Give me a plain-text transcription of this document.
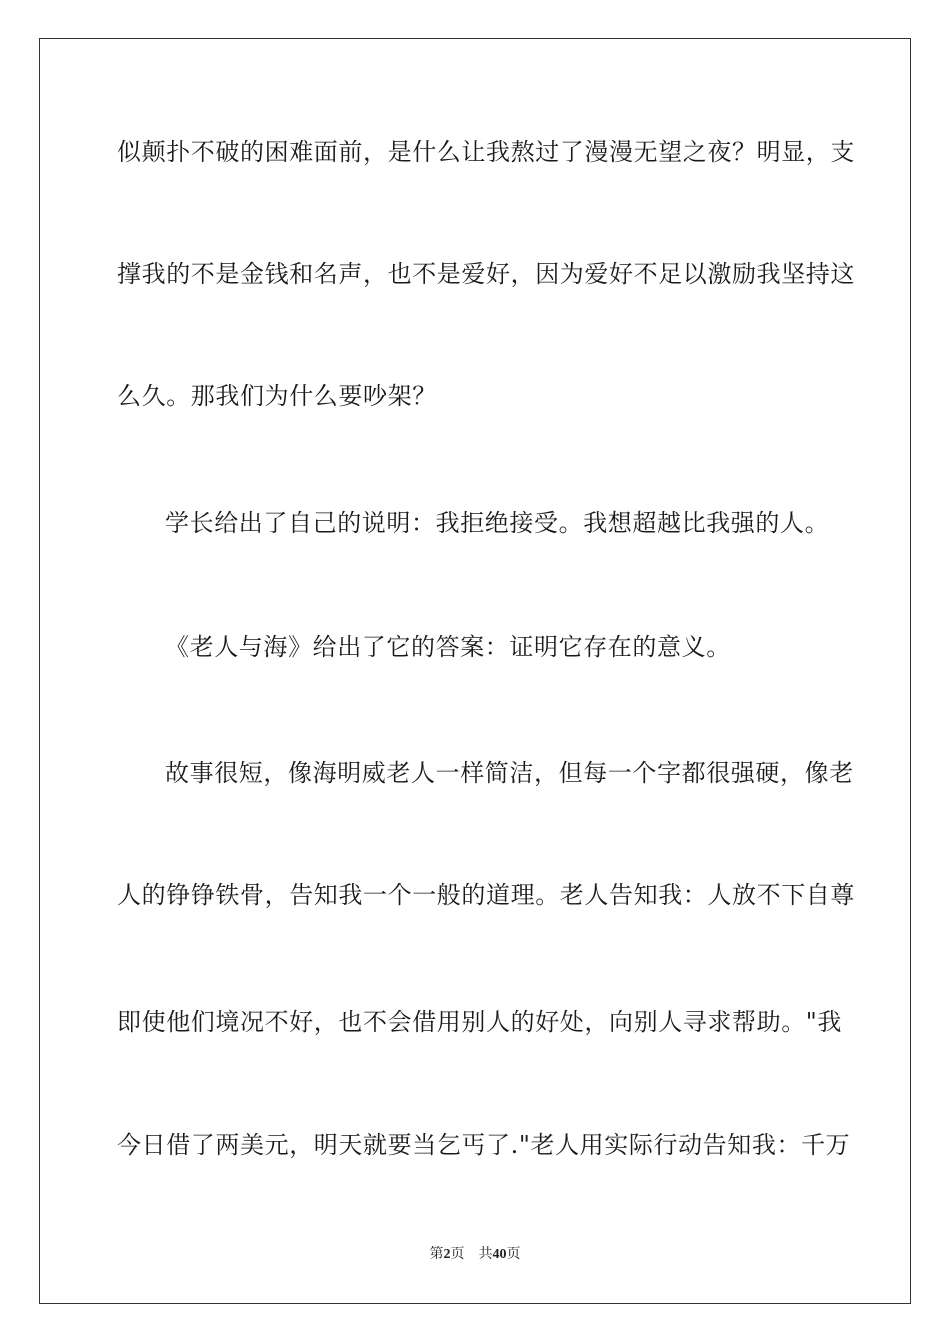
似颠扑不破的困难面前，是什么让我熬过了漫漫无望之夜？明显，支
撑我的不是金钱和名声，也不是爱好，因为爱好不足以激励我坚持这
么久。那我们为什么要吵架？
学长给出了自己的说明：我拒绝接受。我想超越比我强的人。
《老人与海》给出了它的答案：证明它存在的意义。
故事很短，像海明威老人一样简洁，但每一个字都很强硬，像老
人的铮铮铁骨，告知我一个一般的道理。老人告知我：人放不下自尊
即使他们境况不好，也不会借用别人的好处，向别人寻求帮助。"我
今日借了两美元，明天就要当乞丐了."老人用实际行动告知我：千万
第2页 共40页
